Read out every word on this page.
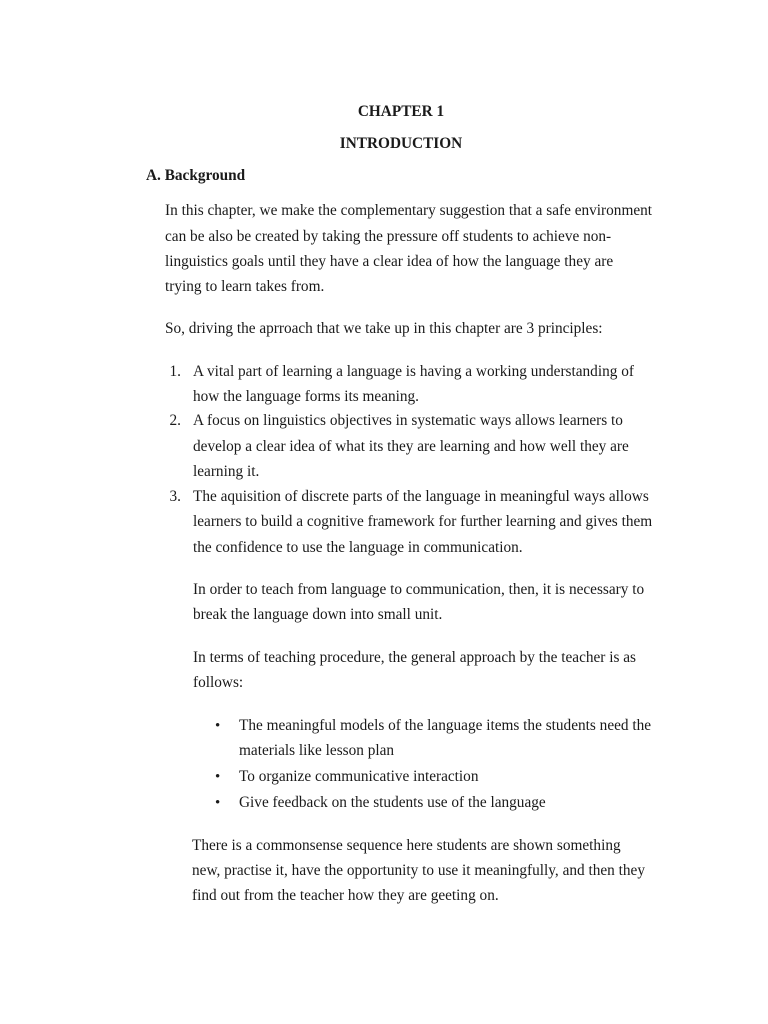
CHAPTER 1
INTRODUCTION
A. Background
In this chapter, we make the complementary suggestion that a safe environment
can be also be created by taking the pressure off students to achieve non-
linguistics goals until they have a clear idea of how the language they are
trying to learn takes from.
So, driving the aprroach that we take up in this chapter are 3 principles:
1. A vital part of learning a language is having a working understanding of
how the language forms its meaning.
2. A focus on linguistics objectives in systematic ways allows learners to
develop a clear idea of what its they are learning and how well they are
learning it.
3. The aquisition of discrete parts of the language in meaningful ways allows
learners to build a cognitive framework for further learning and gives them
the confidence to use the language in communication.
In order to teach from language to communication, then, it is necessary to
break the language down into small unit.
In terms of teaching procedure, the general approach by the teacher is as
follows:
• The meaningful models of the language items the students need the
materials like lesson plan
• To organize communicative interaction
• Give feedback on the students use of the language
There is a commonsense sequence here students are shown something
new, practise it, have the opportunity to use it meaningfully, and then they
find out from the teacher how they are geeting on.
